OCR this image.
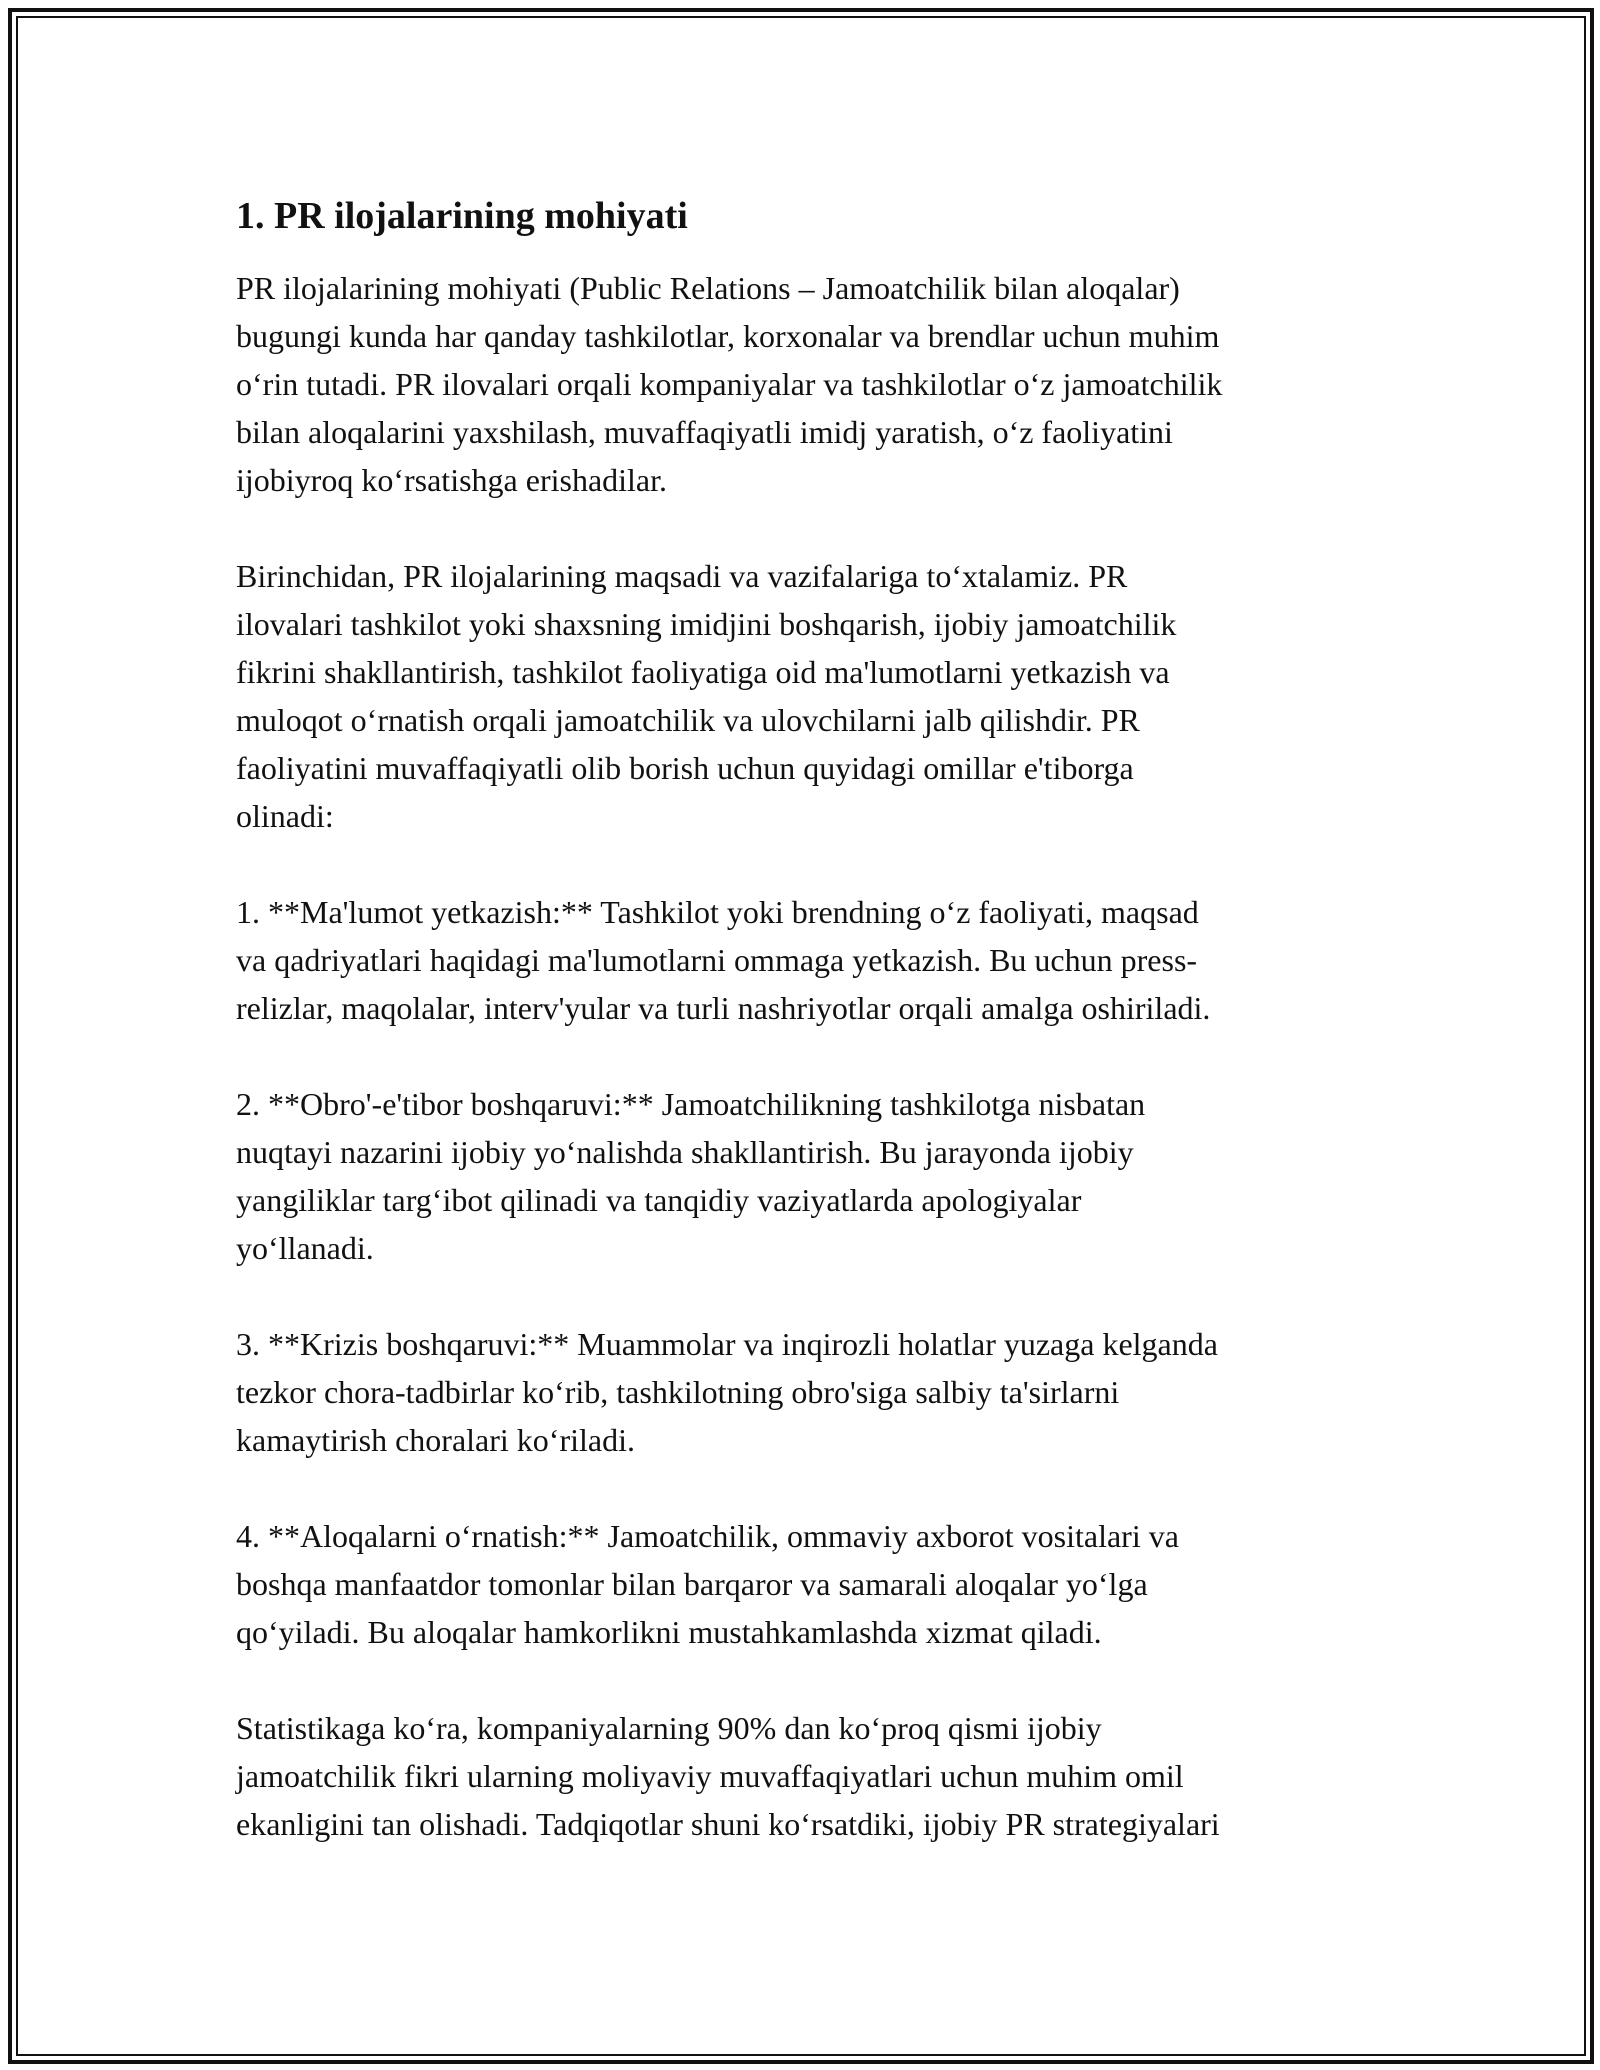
1. PR ilojalarining mohiyati
PR ilojalarining mohiyati (Public Relations – Jamoatchilik bilan aloqalar)
bugungi kunda har qanday tashkilotlar, korxonalar va brendlar uchun muhim
o‘rin tutadi. PR ilovalari orqali kompaniyalar va tashkilotlar o‘z jamoatchilik
bilan aloqalarini yaxshilash, muvaffaqiyatli imidj yaratish, o‘z faoliyatini
ijobiyroq ko‘rsatishga erishadilar.
Birinchidan, PR ilojalarining maqsadi va vazifalariga to‘xtalamiz. PR
ilovalari tashkilot yoki shaxsning imidjini boshqarish, ijobiy jamoatchilik
fikrini shakllantirish, tashkilot faoliyatiga oid ma'lumotlarni yetkazish va
muloqot o‘rnatish orqali jamoatchilik va ulovchilarni jalb qilishdir. PR
faoliyatini muvaffaqiyatli olib borish uchun quyidagi omillar e'tiborga
olinadi:
1. **Ma'lumot yetkazish:** Tashkilot yoki brendning o‘z faoliyati, maqsad
va qadriyatlari haqidagi ma'lumotlarni ommaga yetkazish. Bu uchun press-
relizlar, maqolalar, interv'yular va turli nashriyotlar orqali amalga oshiriladi.
2. **Obro'-e'tibor boshqaruvi:** Jamoatchilikning tashkilotga nisbatan
nuqtayi nazarini ijobiy yo‘nalishda shakllantirish. Bu jarayonda ijobiy
yangiliklar targ‘ibot qilinadi va tanqidiy vaziyatlarda apologiyalar
yo‘llanadi.
3. **Krizis boshqaruvi:** Muammolar va inqirozli holatlar yuzaga kelganda
tezkor chora-tadbirlar ko‘rib, tashkilotning obro'siga salbiy ta'sirlarni
kamaytirish choralari ko‘riladi.
4. **Aloqalarni o‘rnatish:** Jamoatchilik, ommaviy axborot vositalari va
boshqa manfaatdor tomonlar bilan barqaror va samarali aloqalar yo‘lga
qo‘yiladi. Bu aloqalar hamkorlikni mustahkamlashda xizmat qiladi.
Statistikaga ko‘ra, kompaniyalarning 90% dan ko‘proq qismi ijobiy
jamoatchilik fikri ularning moliyaviy muvaffaqiyatlari uchun muhim omil
ekanligini tan olishadi. Tadqiqotlar shuni ko‘rsatdiki, ijobiy PR strategiyalari
